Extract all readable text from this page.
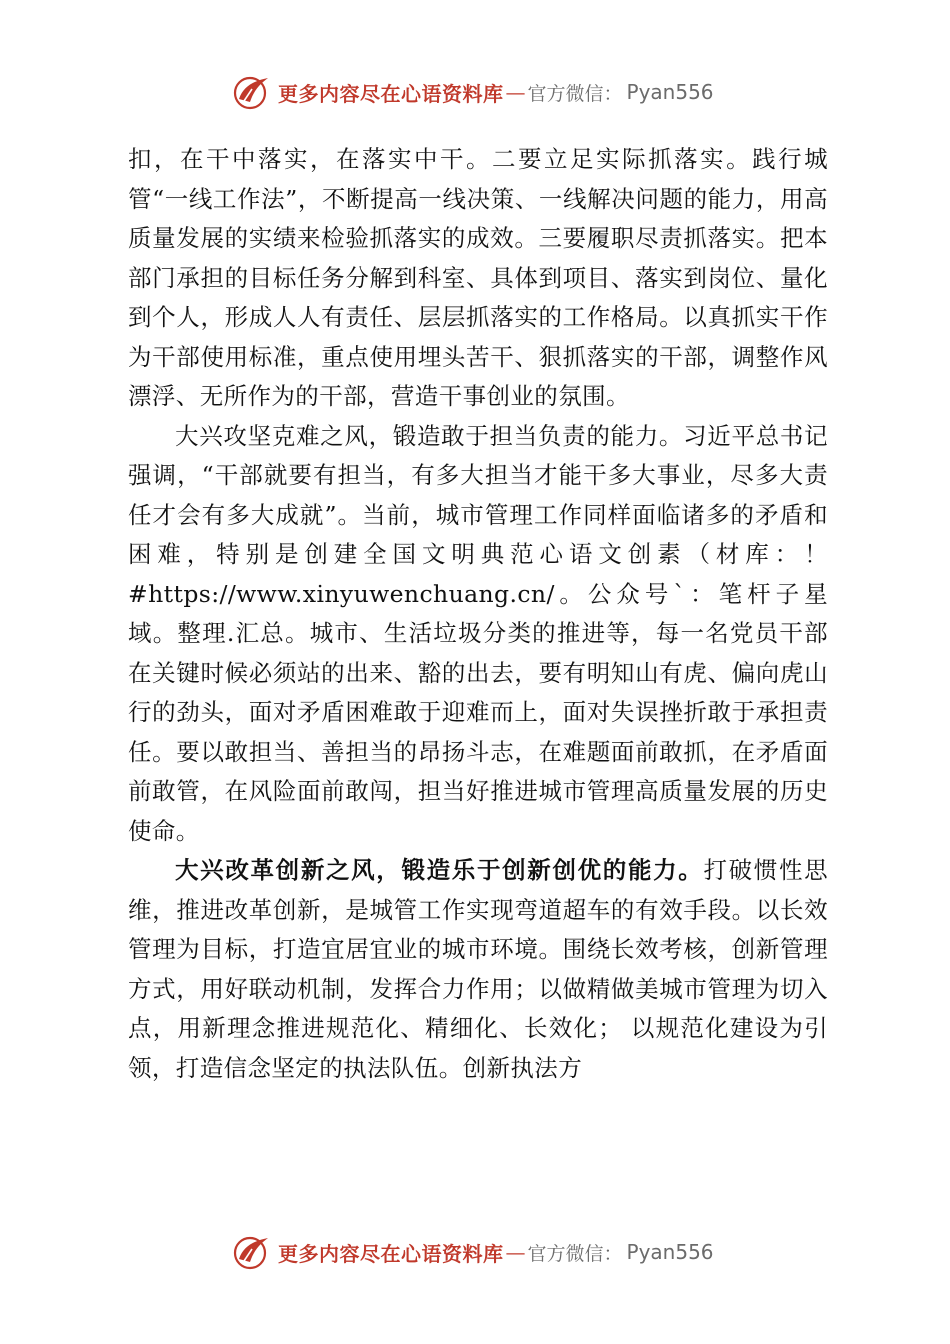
更多内容尽在心语资料库 — 官方微信： Pyan556

扣，在干中落实，在落实中干。二要立足实际抓落实。践行城管“一线工作法”，不断提高一线决策、一线解决问题的能力，用高质量发展的实绩来检验抓落实的成效。三要履职尽责抓落实。把本部门承担的目标任务分解到科室、具体到项目、落实到岗位、量化到个人，形成人人有责任、层层抓落实的工作格局。以真抓实干作为干部使用标准，重点使用埋头苦干、狠抓落实的干部，调整作风漂浮、无所作为的干部，营造干事创业的氛围。

大兴攻坚克难之风，锻造敢于担当负责的能力。习近平总书记强调，“干部就要有担当，有多大担当才能干多大事业，尽多大责任才会有多大成就”。当前，城市管理工作同样面临诸多的矛盾和困难，特别是创建全国文明典范心语文创素（材库：！#https://www.xinyuwenchuang.cn/。公众号`：笔杆子星域。整理.汇总。城市、生活垃圾分类的推进等，每一名党员干部在关键时候必须站的出来、豁的出去，要有明知山有虎、偏向虎山行的劲头，面对矛盾困难敢于迎难而上，面对失误挫折敢于承担责任。要以敢担当、善担当的昂扬斗志，在难题面前敢抓，在矛盾面前敢管，在风险面前敢闯，担当好推进城市管理高质量发展的历史使命。

大兴改革创新之风，锻造乐于创新创优的能力。打破惯性思维，推进改革创新，是城管工作实现弯道超车的有效手段。以长效管理为目标，打造宜居宜业的城市环境。围绕长效考核，创新管理方式，用好联动机制，发挥合力作用；以做精做美城市管理为切入点，用新理念推进规范化、精细化、长效化； 以规范化建设为引领，打造信念坚定的执法队伍。创新执法方

更多内容尽在心语资料库 — 官方微信： Pyan556
